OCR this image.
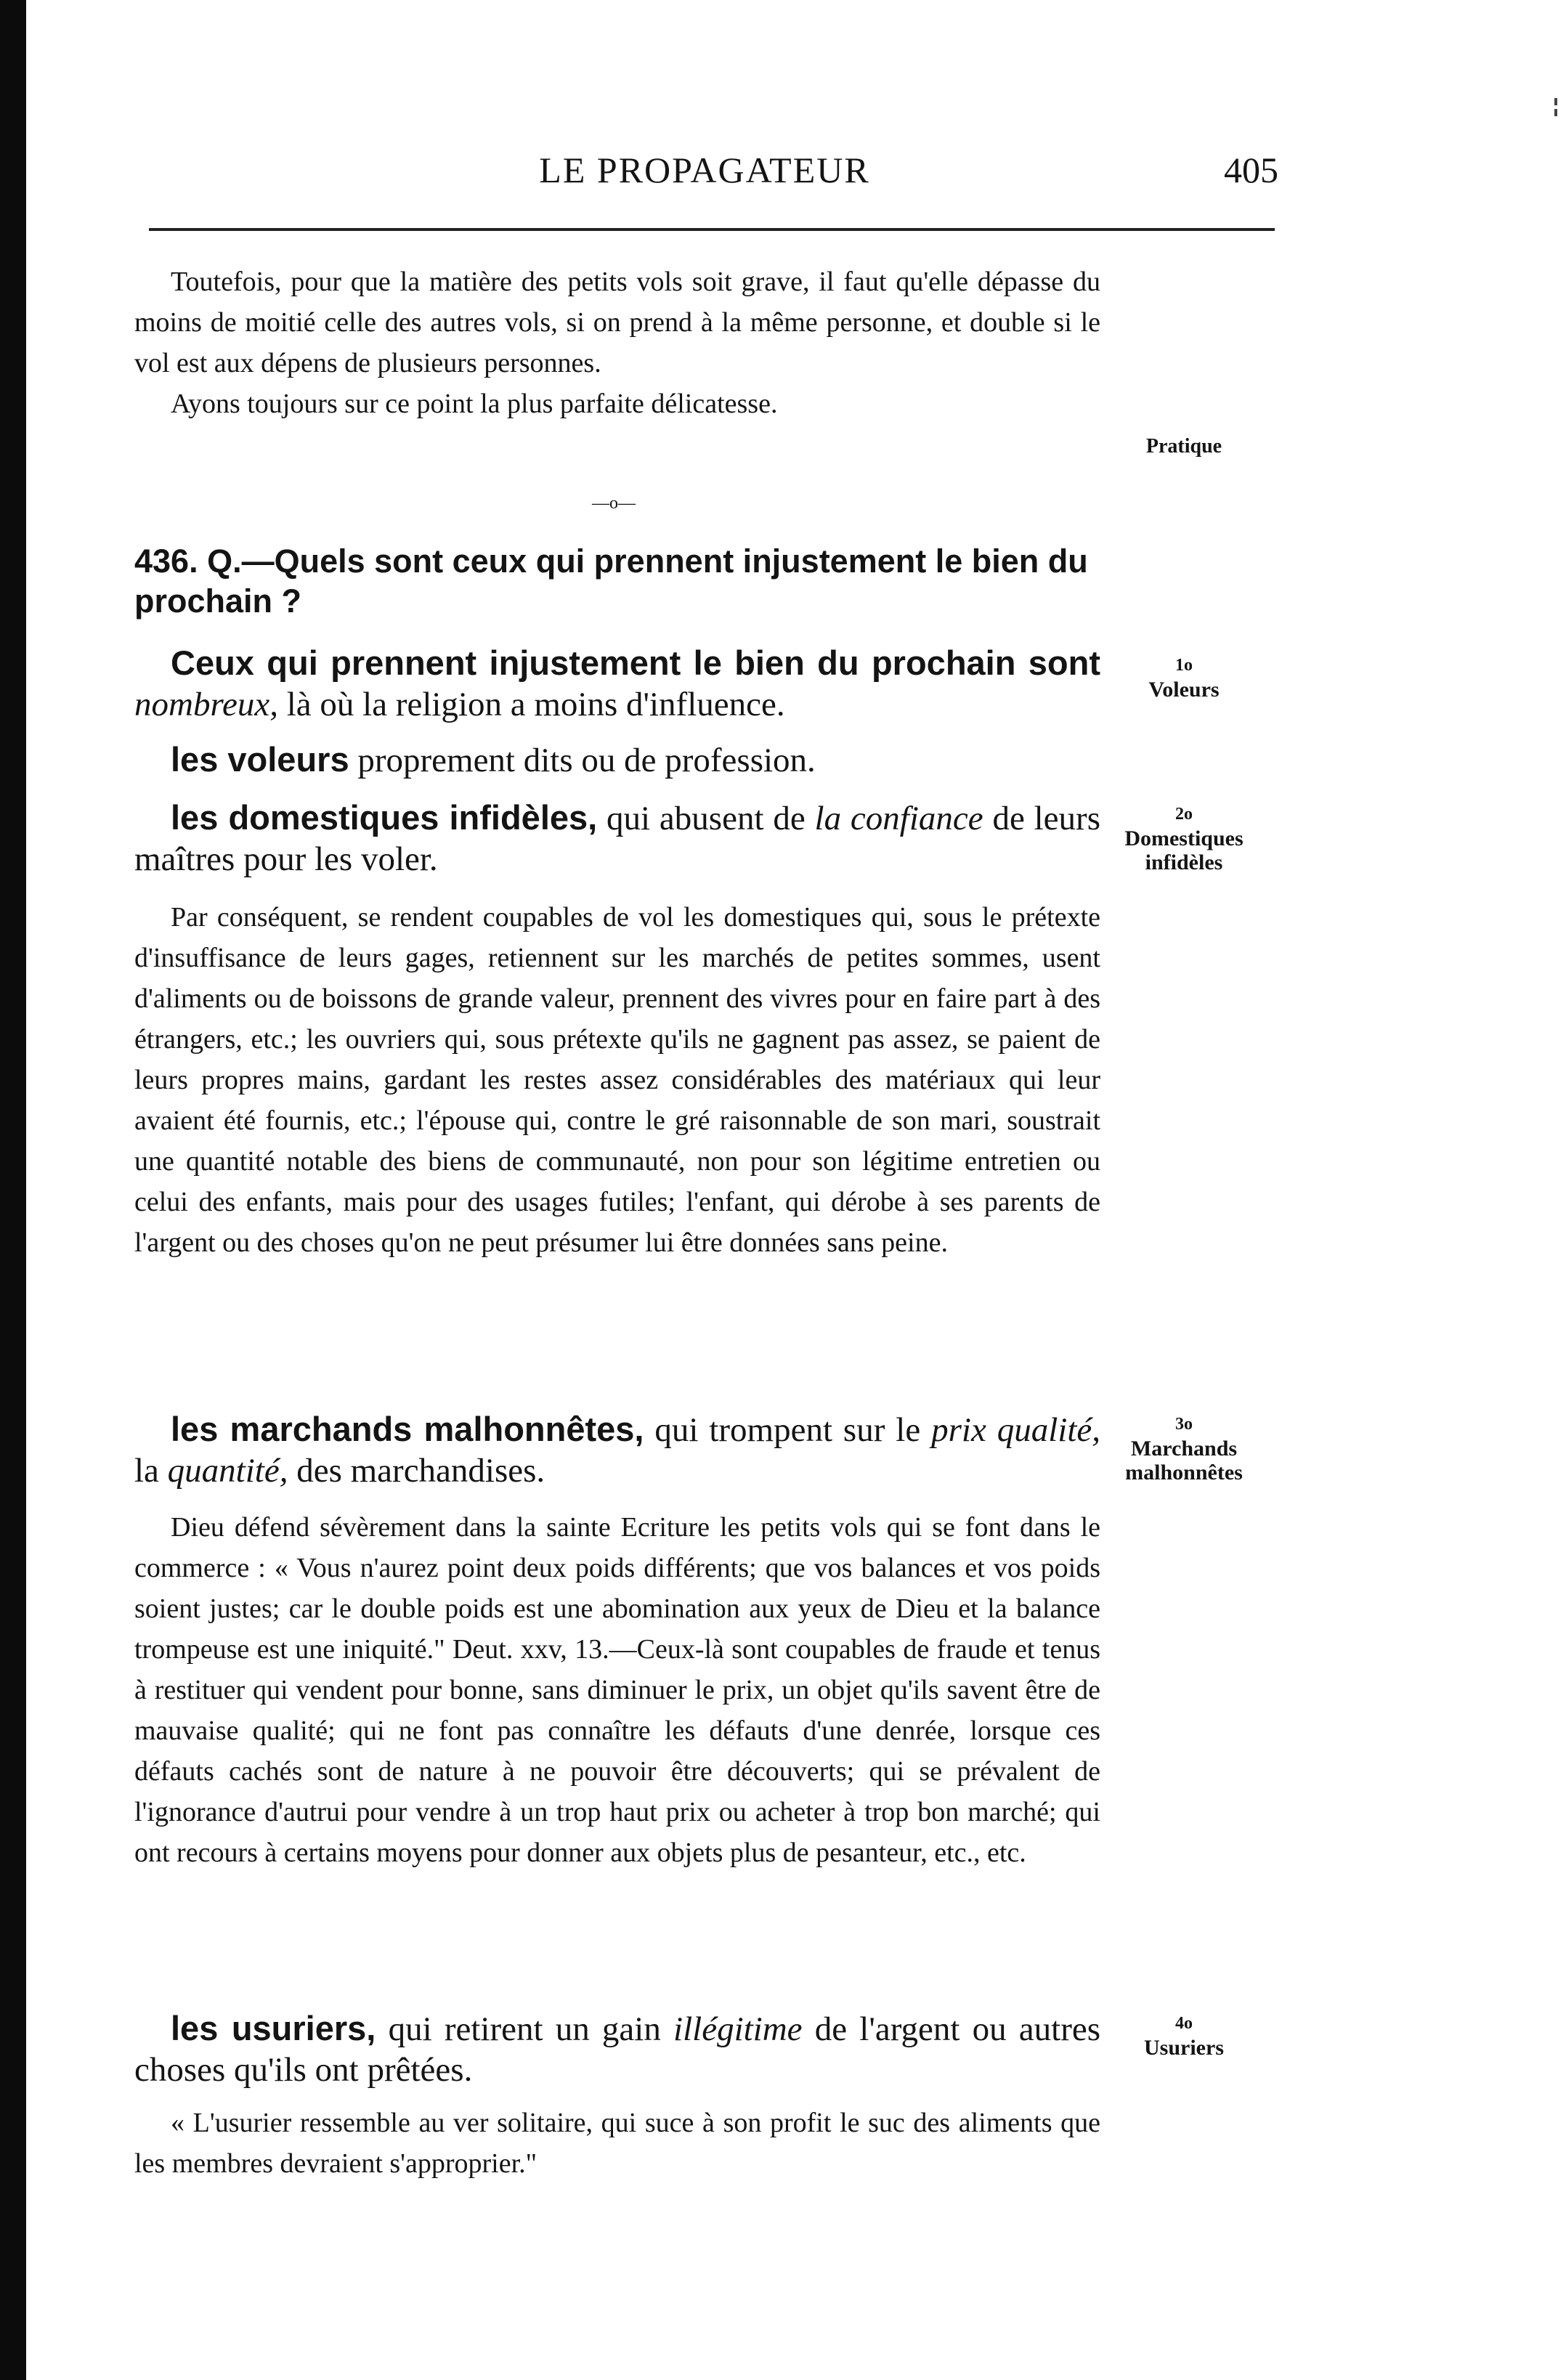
LE PROPAGATEUR	405
Toutefois, pour que la matière des petits vols soit grave, il faut qu'elle dépasse du moins de moitié celle des autres vols, si on prend à la même personne, et double si le vol est aux dépens de plusieurs personnes.
Ayons toujours sur ce point la plus parfaite délicatesse.
Pratique
—o—
436. Q.—Quels sont ceux qui prennent injustement le bien du prochain ?
Ceux qui prennent injustement le bien du prochain sont nombreux, là où la religion a moins d'influence.
1o
Voleurs
les voleurs proprement dits ou de profession.
les domestiques infidèles, qui abusent de la confiance de leurs maîtres pour les voler.
2o
Domestiques infidèles
Par conséquent, se rendent coupables de vol les domestiques qui, sous le prétexte d'insuffisance de leurs gages, retiennent sur les marchés de petites sommes, usent d'aliments ou de boissons de grande valeur, prennent des vivres pour en faire part à des étrangers, etc.; les ouvriers qui, sous prétexte qu'ils ne gagnent pas assez, se paient de leurs propres mains, gardant les restes assez considérables des matériaux qui leur avaient été fournis, etc.; l'épouse qui, contre le gré raisonnable de son mari, soustrait une quantité notable des biens de communauté, non pour son légitime entretien ou celui des enfants, mais pour des usages futiles; l'enfant, qui dérobe à ses parents de l'argent ou des choses qu'on ne peut présumer lui être données sans peine.
les marchands malhonnêtes, qui trompent sur le prix qualité, la quantité, des marchandises.
3o
Marchands malhonnêtes
Dieu défend sévèrement dans la sainte Ecriture les petits vols qui se font dans le commerce : « Vous n'aurez point deux poids différents; que vos balances et vos poids soient justes; car le double poids est une abomination aux yeux de Dieu et la balance trompeuse est une iniquité." Deut. xxv, 13.—Ceux-là sont coupables de fraude et tenus à restituer qui vendent pour bonne, sans diminuer le prix, un objet qu'ils savent être de mauvaise qualité; qui ne font pas connaître les défauts d'une denrée, lorsque ces défauts cachés sont de nature à ne pouvoir être découverts; qui se prévalent de l'ignorance d'autrui pour vendre à un trop haut prix ou acheter à trop bon marché; qui ont recours à certains moyens pour donner aux objets plus de pesanteur, etc., etc.
les usuriers, qui retirent un gain illégitime de l'argent ou autres choses qu'ils ont prêtées.
4o
Usuriers
« L'usurier ressemble au ver solitaire, qui suce à son profit le suc des aliments que les membres devraient s'approprier."
